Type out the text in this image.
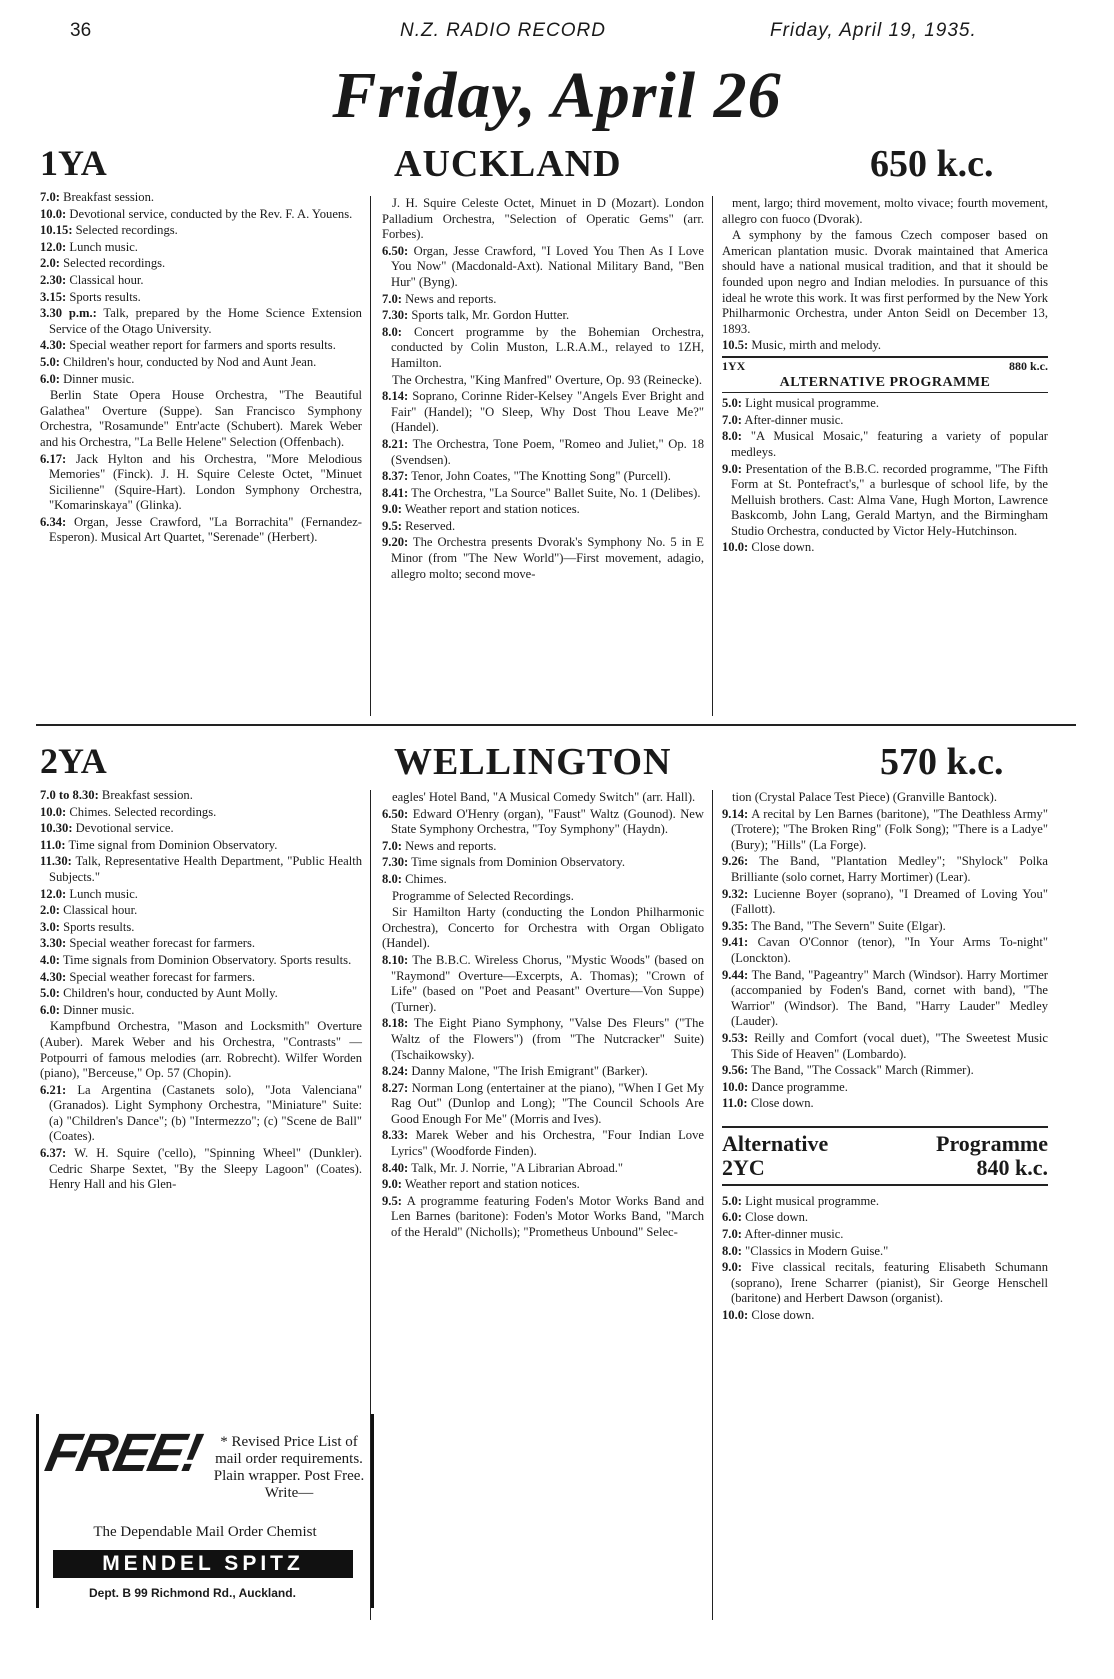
36	N.Z. RADIO RECORD	Friday, April 19, 1935.
Friday, April 26
1YA	AUCKLAND	650 k.c.

7.0: Breakfast session.

10.0: Devotional service, conducted by the Rev. F. A. Youens.

10.15: Selected recordings.

12.0: Lunch music.

2.0: Selected recordings.

2.30: Classical hour.

3.15: Sports results.

3.30 p.m.: Talk, prepared by the Home Science Extension Service of the Otago University.

4.30: Special weather report for farmers and sports results.

5.0: Children's hour, conducted by Nod and Aunt Jean.

6.0: Dinner music.

Berlin State Opera House Orchestra, "The Beautiful Galathea" Overture (Suppe). San Francisco Symphony Orchestra, "Rosamunde" Entr'acte (Schubert). Marek Weber and his Orchestra, "La Belle Helene" Selection (Offenbach).

6.17: Jack Hylton and his Orchestra, "More Melodious Memories" (Finck). J. H. Squire Celeste Octet, "Minuet Sicilienne" (Squire-Hart). London Symphony Orchestra, "Komarinskaya" (Glinka).

6.34: Organ, Jesse Crawford, "La Borrachita" (Fernandez-Esperon). Musical Art Quartet, "Serenade" (Herbert).

J. H. Squire Celeste Octet, Minuet in D (Mozart). London Palladium Orchestra, "Selection of Operatic Gems" (arr. Forbes).

6.50: Organ, Jesse Crawford, "I Loved You Then As I Love You Now" (Macdonald-Axt). National Military Band, "Ben Hur" (Byng).

7.0: News and reports.

7.30: Sports talk, Mr. Gordon Hutter.

8.0: Concert programme by the Bohemian Orchestra, conducted by Colin Muston, L.R.A.M., relayed to 1ZH, Hamilton.

The Orchestra, "King Manfred" Overture, Op. 93 (Reinecke).

8.14: Soprano, Corinne Rider-Kelsey "Angels Ever Bright and Fair" (Handel); "O Sleep, Why Dost Thou Leave Me?" (Handel).

8.21: The Orchestra, Tone Poem, "Romeo and Juliet," Op. 18 (Svendsen).

8.37: Tenor, John Coates, "The Knotting Song" (Purcell).

8.41: The Orchestra, "La Source" Ballet Suite, No. 1 (Delibes).

9.0: Weather report and station notices.

9.5: Reserved.

9.20: The Orchestra presents Dvorak's Symphony No. 5 in E Minor (from "The New World")—First movement, adagio, allegro molto; second move-

ment, largo; third movement, molto vivace; fourth movement, allegro con fuoco (Dvorak).

A symphony by the famous Czech composer based on American plantation music. Dvorak maintained that America should have a national musical tradition, and that it should be founded upon negro and Indian melodies. In pursuance of this ideal he wrote this work. It was first performed by the New York Philharmonic Orchestra, under Anton Seidl on December 13, 1893.

10.5: Music, mirth and melody.

1YX	880 k.c.
ALTERNATIVE PROGRAMME

5.0: Light musical programme.

7.0: After-dinner music.

8.0: "A Musical Mosaic," featuring a variety of popular medleys.

9.0: Presentation of the B.B.C. recorded programme, "The Fifth Form at St. Pontefract's," a burlesque of school life, by the Melluish brothers. Cast: Alma Vane, Hugh Morton, Lawrence Baskcomb, John Lang, Gerald Martyn, and the Birmingham Studio Orchestra, conducted by Victor Hely-Hutchinson.

10.0: Close down.

2YA	WELLINGTON	570 k.c.

7.0 to 8.30: Breakfast session.

10.0: Chimes. Selected recordings.

10.30: Devotional service.

11.0: Time signal from Dominion Observatory.

11.30: Talk, Representative Health Department, "Public Health Subjects."

12.0: Lunch music.

2.0: Classical hour.

3.0: Sports results.

3.30: Special weather forecast for farmers.

4.0: Time signals from Dominion Observatory. Sports results.

4.30: Special weather forecast for farmers.

5.0: Children's hour, conducted by Aunt Molly.

6.0: Dinner music.

Kampfbund Orchestra, "Mason and Locksmith" Overture (Auber). Marek Weber and his Orchestra, "Contrasts" —Potpourri of famous melodies (arr. Robrecht). Wilfer Worden (piano), "Berceuse," Op. 57 (Chopin).

6.21: La Argentina (Castanets solo), "Jota Valenciana" (Granados). Light Symphony Orchestra, "Miniature" Suite: (a) "Children's Dance"; (b) "Intermezzo"; (c) "Scene de Ball" (Coates).

6.37: W. H. Squire ('cello), "Spinning Wheel" (Dunkler). Cedric Sharpe Sextet, "By the Sleepy Lagoon" (Coates). Henry Hall and his Glen-

eagles' Hotel Band, "A Musical Comedy Switch" (arr. Hall).

6.50: Edward O'Henry (organ), "Faust" Waltz (Gounod). New State Symphony Orchestra, "Toy Symphony" (Haydn).

7.0: News and reports.

7.30: Time signals from Dominion Observatory.

8.0: Chimes.

Programme of Selected Recordings.

Sir Hamilton Harty (conducting the London Philharmonic Orchestra), Concerto for Orchestra with Organ Obligato (Handel).

8.10: The B.B.C. Wireless Chorus, "Mystic Woods" (based on "Raymond" Overture—Excerpts, A. Thomas); "Crown of Life" (based on "Poet and Peasant" Overture—Von Suppe) (Turner).

8.18: The Eight Piano Symphony, "Valse Des Fleurs" ("The Waltz of the Flowers") (from "The Nutcracker" Suite) (Tschaikowsky).

8.24: Danny Malone, "The Irish Emigrant" (Barker).

8.27: Norman Long (entertainer at the piano), "When I Get My Rag Out" (Dunlop and Long); "The Council Schools Are Good Enough For Me" (Morris and Ives).

8.33: Marek Weber and his Orchestra, "Four Indian Love Lyrics" (Woodforde Finden).

8.40: Talk, Mr. J. Norrie, "A Librarian Abroad."

9.0: Weather report and station notices.

9.5: A programme featuring Foden's Motor Works Band and Len Barnes (baritone): Foden's Motor Works Band, "March of the Herald" (Nicholls); "Prometheus Unbound" Selec-

tion (Crystal Palace Test Piece) (Granville Bantock).

9.14: A recital by Len Barnes (baritone), "The Deathless Army" (Trotere); "The Broken Ring" (Folk Song); "There is a Ladye" (Bury); "Hills" (La Forge).

9.26: The Band, "Plantation Medley"; "Shylock" Polka Brilliante (solo cornet, Harry Mortimer) (Lear).

9.32: Lucienne Boyer (soprano), "I Dreamed of Loving You" (Fallott).

9.35: The Band, "The Severn" Suite (Elgar).

9.41: Cavan O'Connor (tenor), "In Your Arms To-night" (Lonckton).

9.44: The Band, "Pageantry" March (Windsor). Harry Mortimer (accompanied by Foden's Band, cornet with band), "The Warrior" (Windsor). The Band, "Harry Lauder" Medley (Lauder).

9.53: Reilly and Comfort (vocal duet), "The Sweetest Music This Side of Heaven" (Lombardo).

9.56: The Band, "The Cossack" March (Rimmer).

10.0: Dance programme.

11.0: Close down.

Alternative	Programme
2YC	840 k.c.

5.0: Light musical programme.

6.0: Close down.

7.0: After-dinner music.

8.0: "Classics in Modern Guise."

9.0: Five classical recitals, featuring Elisabeth Schumann (soprano), Irene Scharrer (pianist), Sir George Henschell (baritone) and Herbert Dawson (organist).

10.0: Close down.

FREE! * Revised Price List of mail order requirements. Plain wrapper. Post Free. Write—
The Dependable Mail Order Chemist
MENDEL SPITZ
Dept. B 99 Richmond Rd., Auckland.
